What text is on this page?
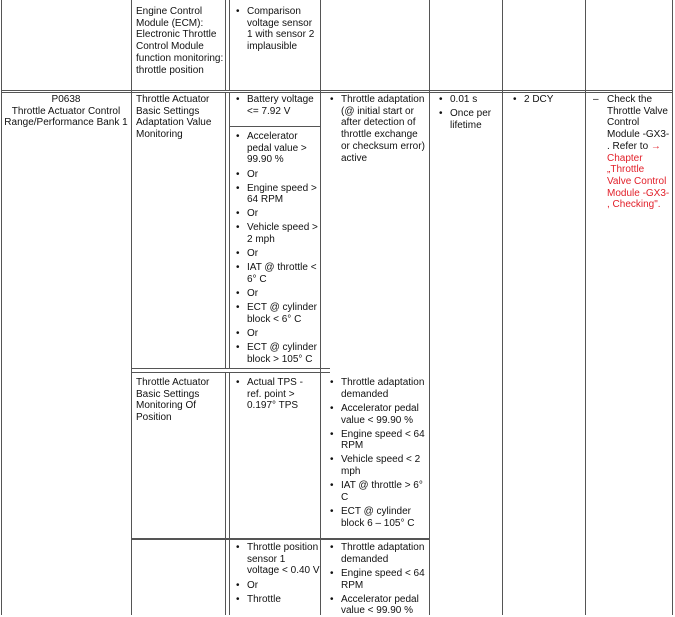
Engine Control Module (ECM): Electronic Throttle Control Module function monitoring: throttle position
• Comparison voltage sensor 1 with sensor 2 implausible
P0638
Throttle Actuator Control Range/Performance Bank 1
Throttle Actuator Basic Settings Adaptation Value Monitoring
• Battery voltage <= 7.92 V
• Accelerator pedal value > 99.90 %
• Or
• Engine speed > 64 RPM
• Or
• Vehicle speed > 2 mph
• Or
• IAT @ throttle < 6° C
• Or
• ECT @ cylinder block < 6° C
• Or
• ECT @ cylinder block > 105° C
• Throttle adaptation (@ initial start or after detection of throttle exchange or checksum error) active
• 0.01 s
• Once per lifetime
• 2 DCY
–	Check the Throttle Valve Control Module -GX3- . Refer to → Chapter „Throttle Valve Control Module -GX3- , Checking".
Throttle Actuator Basic Settings Monitoring Of Position
• Actual TPS - ref. point > 0.197° TPS
• Throttle adaptation demanded
• Accelerator pedal value < 99.90 %
• Engine speed < 64 RPM
• Vehicle speed < 2 mph
• IAT @ throttle > 6° C
• ECT @ cylinder block 6 – 105° C
• Throttle position sensor 1 voltage < 0.40 V
• Or
• Throttle
• Throttle adaptation demanded
• Engine speed < 64 RPM
• Accelerator pedal value < 99.90 %
